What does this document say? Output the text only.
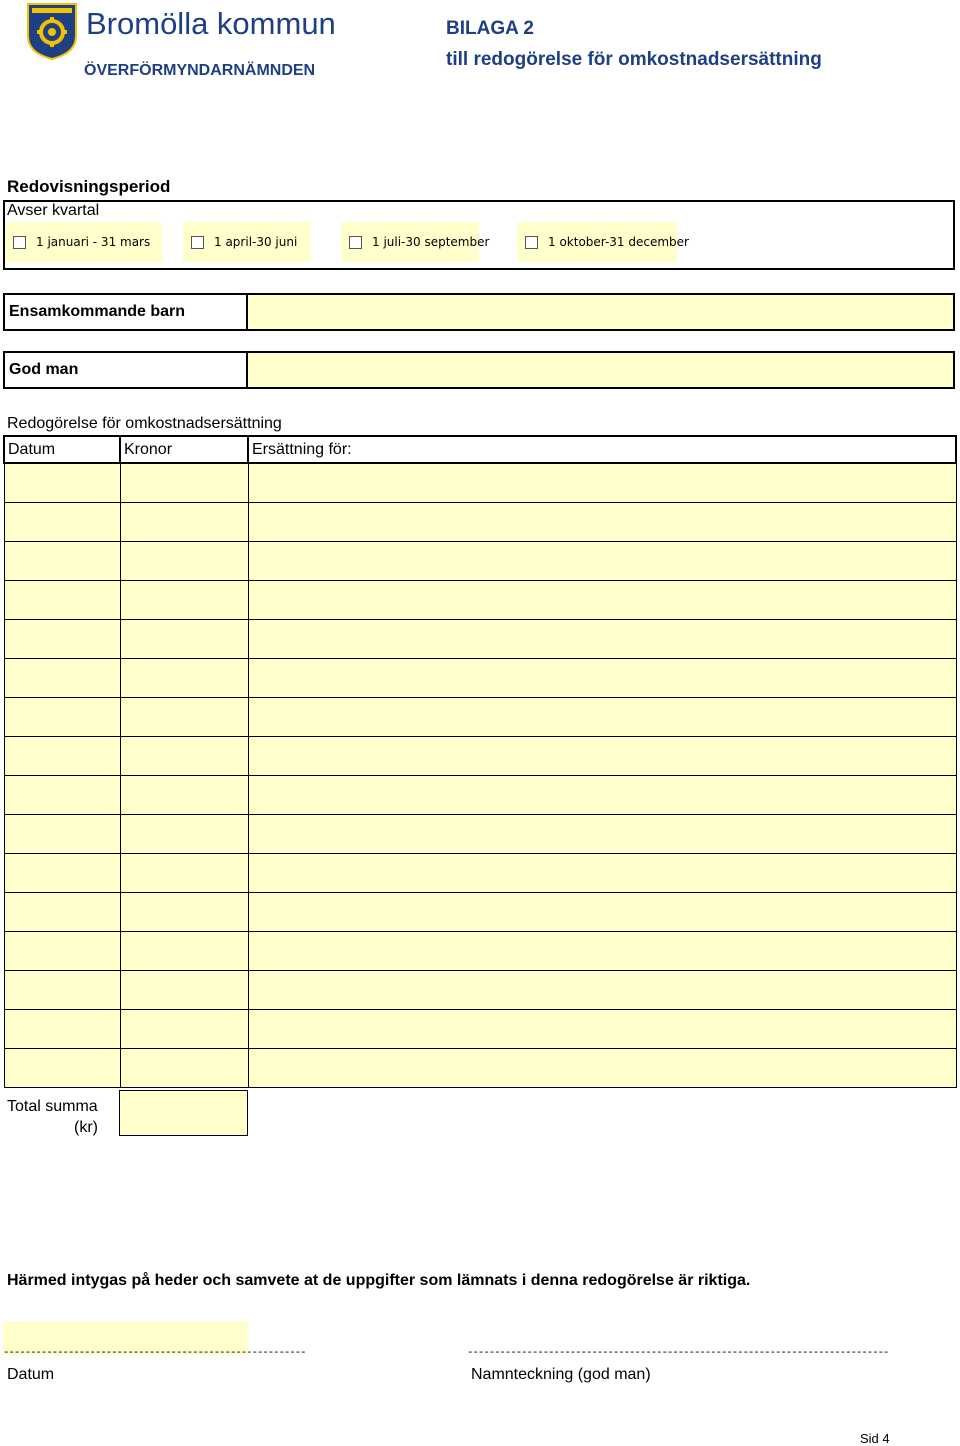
Bromölla kommun
ÖVERFÖRMYNDARNÄMNDEN
BILAGA 2
till redogörelse för omkostnadsersättning
Redovisningsperiod
Avser kvartal
1 januari - 31 mars	1 april-30 juni	1 juli-30 september	1 oktober-31 december
Ensamkommande barn
God man
Redogörelse för omkostnadsersättning
Datum	Kronor	Ersättning för:

Total summa
(kr)
Härmed intygas på heder och samvete at de uppgifter som lämnats i denna redogörelse är riktiga.
--------------------------------------------------------	------------------------------------------------------------------------------
Datum	Namnteckning (god man)
Sid 4
